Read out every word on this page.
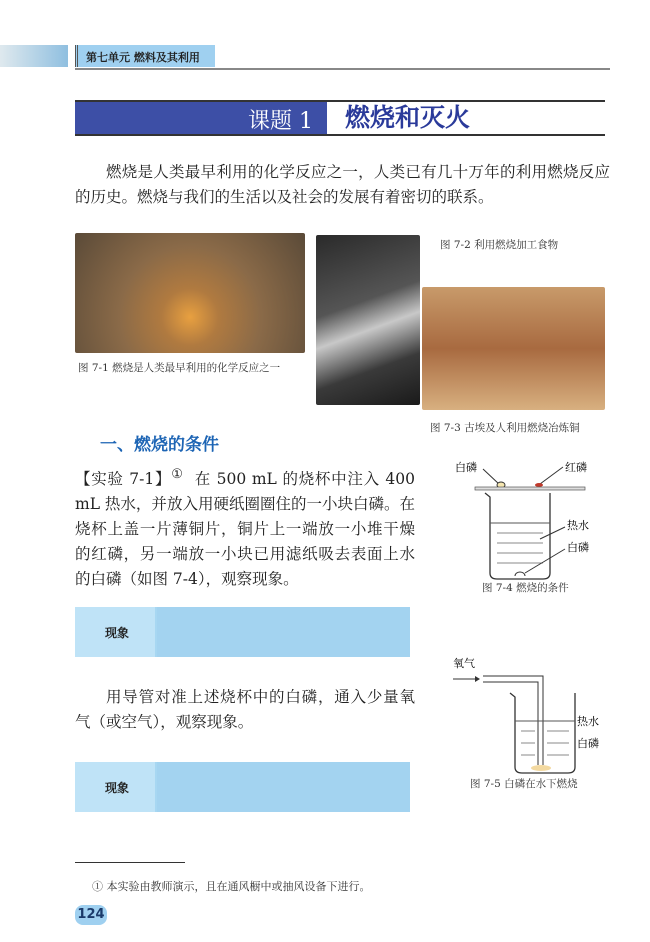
第七单元 燃料及其利用
课题 1	燃烧和灭火
燃烧是人类最早利用的化学反应之一，人类已有几十万年的利用燃烧反应的历史。燃烧与我们的生活以及社会的发展有着密切的联系。
图 7-1 燃烧是人类最早利用的化学反应之一
图 7-2 利用燃烧加工食物
图 7-3 古埃及人利用燃烧冶炼铜
一、燃烧的条件
【实验 7-1】① 在 500 mL 的烧杯中注入 400 mL 热水，并放入用硬纸圈圈住的一小块白磷。在烧杯上盖一片薄铜片，铜片上一端放一小堆干燥的红磷，另一端放一小块已用滤纸吸去表面上水的白磷（如图 7-4），观察现象。
白磷	红磷
热水
白磷
图 7-4 燃烧的条件
现象
氧气
热水
白磷
图 7-5 白磷在水下燃烧
用导管对准上述烧杯中的白磷，通入少量氧气（或空气），观察现象。
现象
① 本实验由教师演示，且在通风橱中或抽风设备下进行。
124
